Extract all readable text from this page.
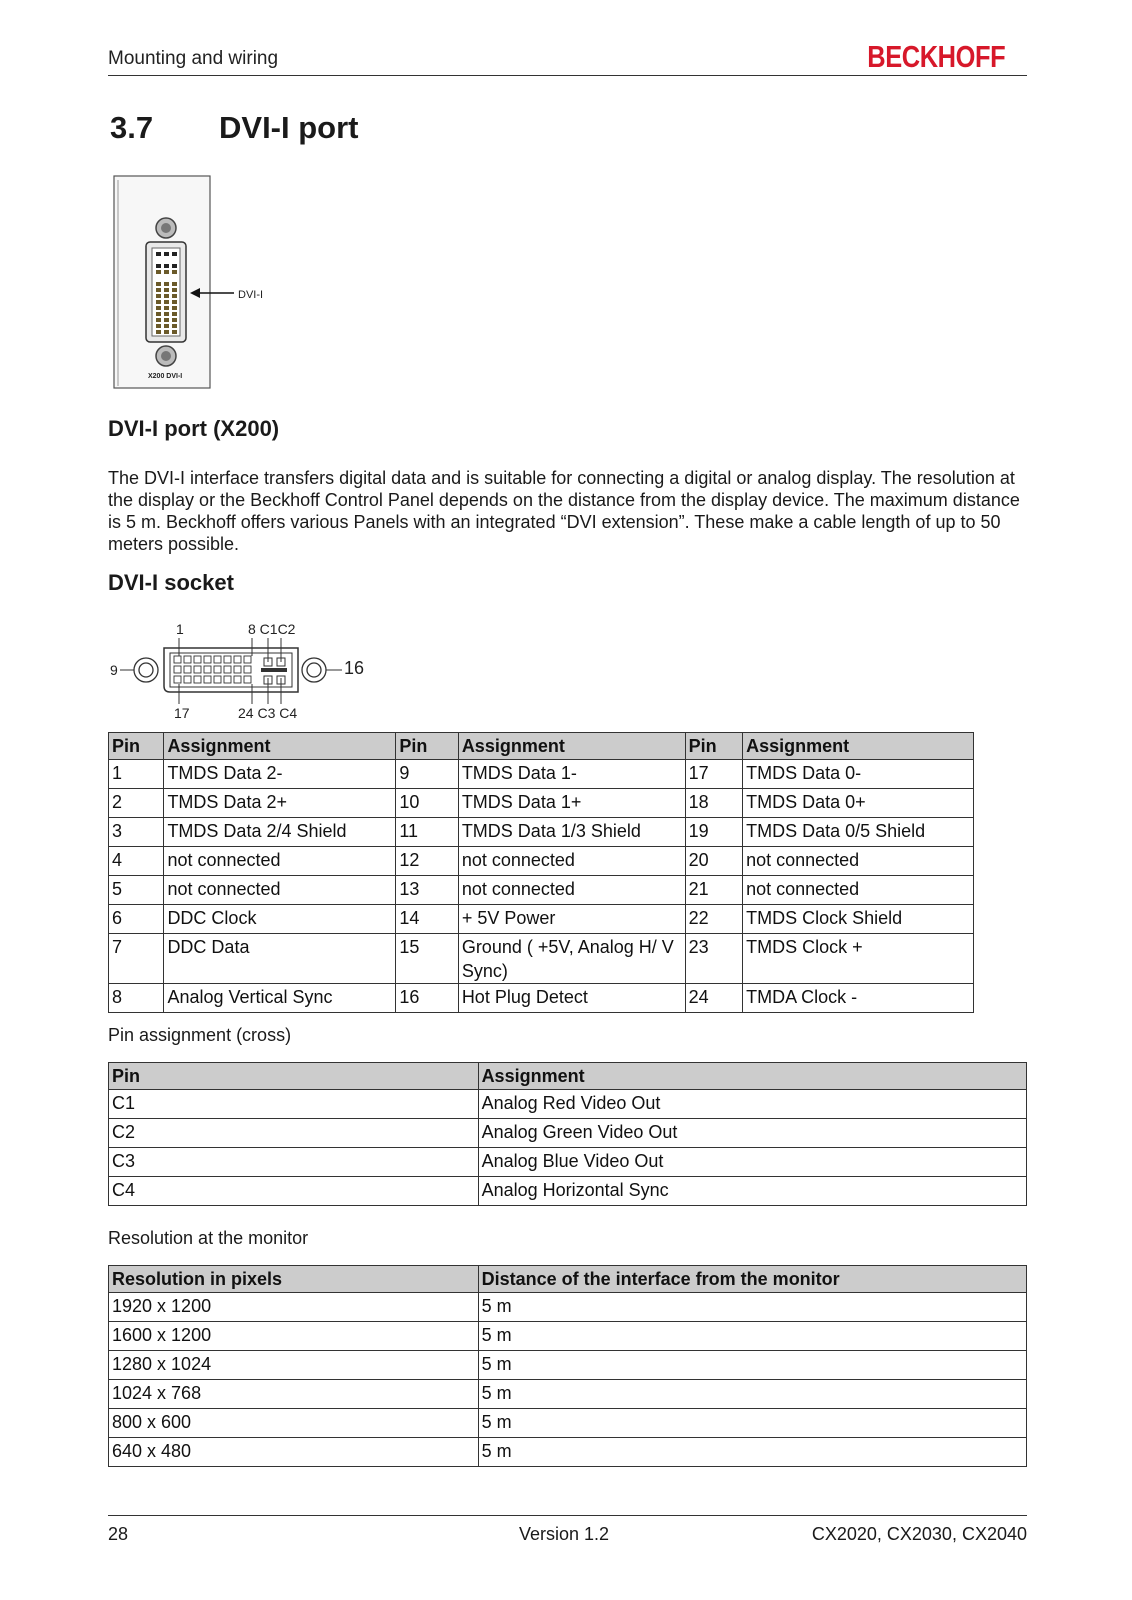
Mounting and wiring	BECKHOFF
3.7 DVI-I port
DVI-I
X200 DVI-I
DVI-I port (X200)
The DVI-I interface transfers digital data and is suitable for connecting a digital or analog display. The resolution at the display or the Beckhoff Control Panel depends on the distance from the display device. The maximum distance is 5 m. Beckhoff offers various Panels with an integrated “DVI extension”. These make a cable length of up to 50 meters possible.
DVI-I socket
1	8 C1C2
9	16
17	24 C3 C4
Pin	Assignment	Pin	Assignment	Pin	Assignment
1	TMDS Data 2-	9	TMDS Data 1-	17	TMDS Data 0-
2	TMDS Data 2+	10	TMDS Data 1+	18	TMDS Data 0+
3	TMDS Data 2/4 Shield	11	TMDS Data 1/3 Shield	19	TMDS Data 0/5 Shield
4	not connected	12	not connected	20	not connected
5	not connected	13	not connected	21	not connected
6	DDC Clock	14	+ 5V Power	22	TMDS Clock Shield
7	DDC Data	15	Ground ( +5V, Analog H/ V Sync)	23	TMDS Clock +
8	Analog Vertical Sync	16	Hot Plug Detect	24	TMDA Clock -
Pin assignment (cross)
Pin	Assignment
C1	Analog Red Video Out
C2	Analog Green Video Out
C3	Analog Blue Video Out
C4	Analog Horizontal Sync
Resolution at the monitor
Resolution in pixels	Distance of the interface from the monitor
1920 x 1200	5 m
1600 x 1200	5 m
1280 x 1024	5 m
1024 x 768	5 m
800 x 600	5 m
640 x 480	5 m
28	Version 1.2	CX2020, CX2030, CX2040
